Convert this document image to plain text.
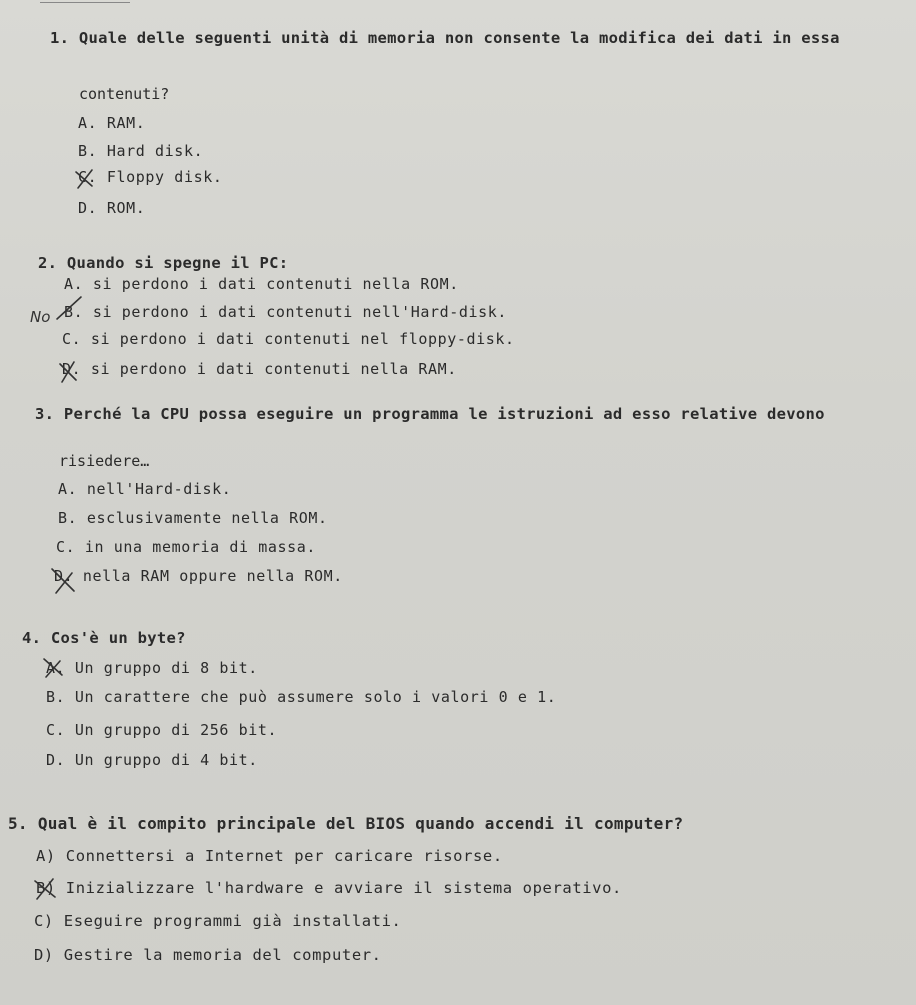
1. Quale delle seguenti unità di memoria non consente la modifica dei dati in essa
contenuti?
A. RAM.
B. Hard disk.
C. Floppy disk.
D. ROM.
2. Quando si spegne il PC:
A. si perdono i dati contenuti nella ROM.
No B. si perdono i dati contenuti nell'Hard-disk.
C. si perdono i dati contenuti nel floppy-disk.
D. si perdono i dati contenuti nella RAM.
3. Perché la CPU possa eseguire un programma le istruzioni ad esso relative devono
risiedere…
A. nell'Hard-disk.
B. esclusivamente nella ROM.
C. in una memoria di massa.
D. nella RAM oppure nella ROM.
4. Cos'è un byte?
A. Un gruppo di 8 bit.
B. Un carattere che può assumere solo i valori 0 e 1.
C. Un gruppo di 256 bit.
D. Un gruppo di 4 bit.
5. Qual è il compito principale del BIOS quando accendi il computer?
A) Connettersi a Internet per caricare risorse.
B) Inizializzare l'hardware e avviare il sistema operativo.
C) Eseguire programmi già installati.
D) Gestire la memoria del computer.
